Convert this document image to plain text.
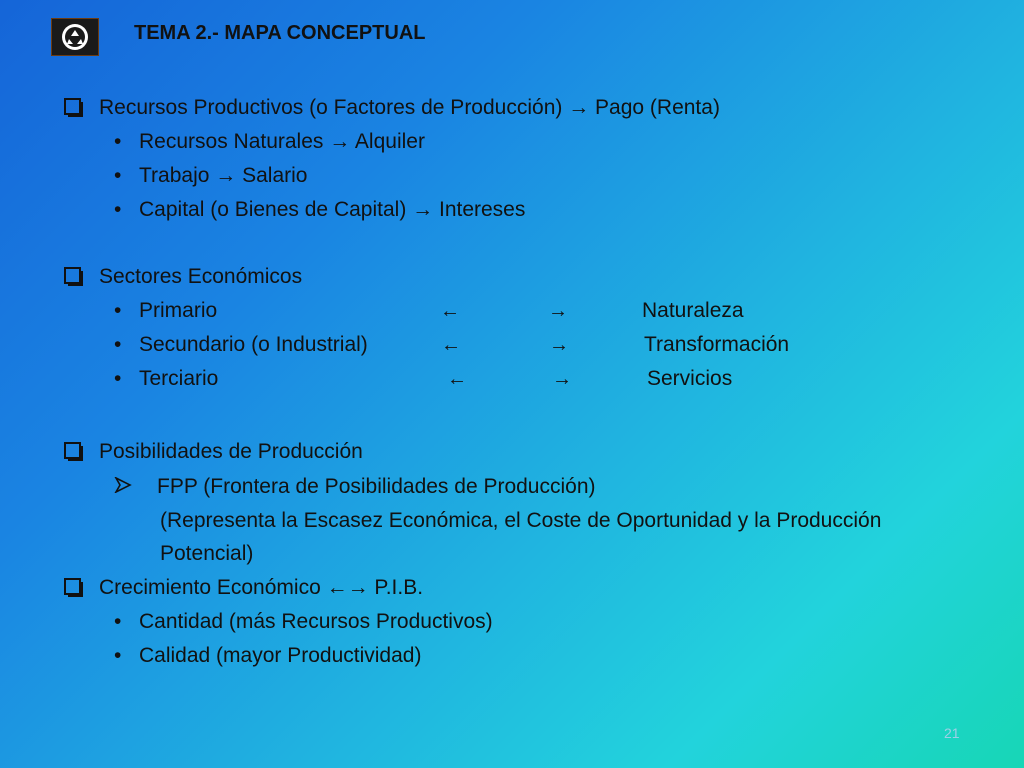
TEMA 2.- MAPA CONCEPTUAL
Recursos Productivos (o Factores de Producción) → Pago (Renta)
• Recursos Naturales → Alquiler
• Trabajo → Salario
• Capital (o Bienes de Capital) → Intereses
Sectores Económicos
• Primario	←	→	Naturaleza
• Secundario (o Industrial)	←	→	Transformación
• Terciario	←	→	Servicios
Posibilidades de Producción
FPP (Frontera de Posibilidades de Producción)
(Representa la Escasez Económica, el Coste de Oportunidad y la Producción
Potencial)
Crecimiento Económico ←→ P.I.B.
• Cantidad (más Recursos Productivos)
• Calidad (mayor Productividad)
21
